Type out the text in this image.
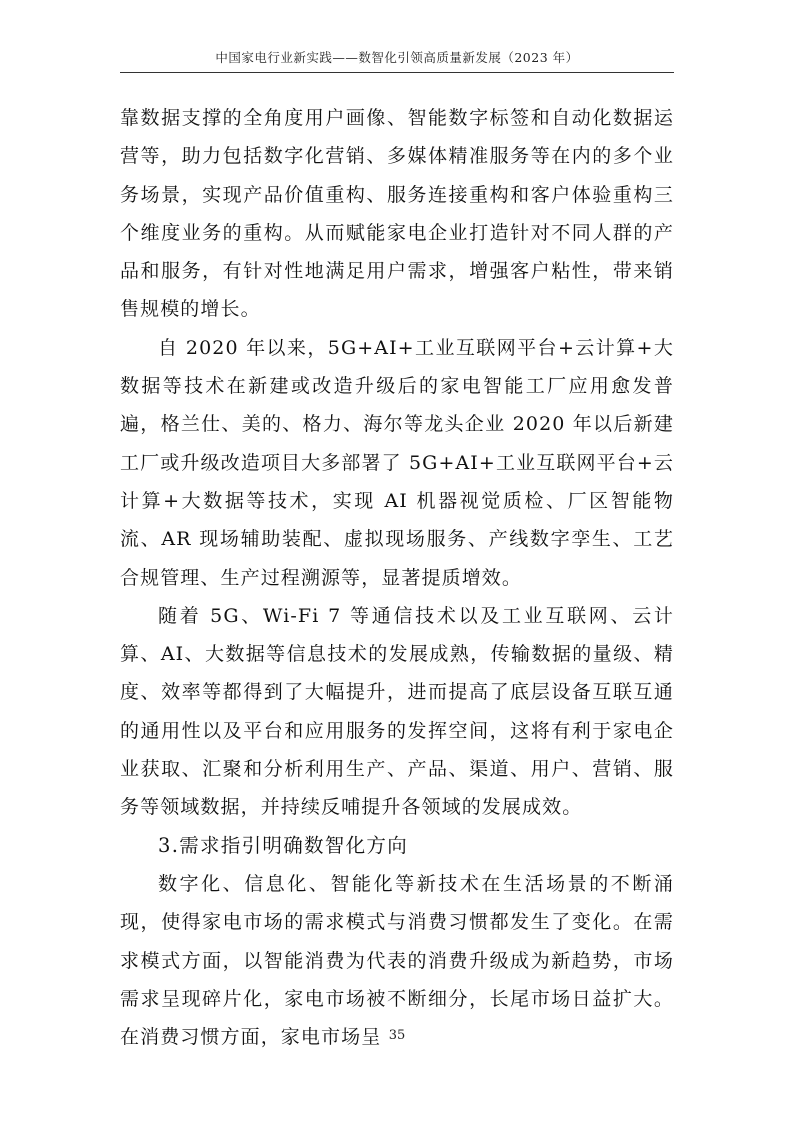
中国家电行业新实践——数智化引领高质量新发展（2023 年）

靠数据支撑的全角度用户画像、智能数字标签和自动化数据运营等，助力包括数字化营销、多媒体精准服务等在内的多个业务场景，实现产品价值重构、服务连接重构和客户体验重构三个维度业务的重构。从而赋能家电企业打造针对不同人群的产品和服务，有针对性地满足用户需求，增强客户粘性，带来销售规模的增长。

自 2020 年以来，5G+AI+工业互联网平台+云计算+大数据等技术在新建或改造升级后的家电智能工厂应用愈发普遍，格兰仕、美的、格力、海尔等龙头企业 2020 年以后新建工厂或升级改造项目大多部署了 5G+AI+工业互联网平台+云计算+大数据等技术，实现 AI 机器视觉质检、厂区智能物流、AR 现场辅助装配、虚拟现场服务、产线数字孪生、工艺合规管理、生产过程溯源等，显著提质增效。

随着 5G、Wi-Fi 7 等通信技术以及工业互联网、云计算、AI、大数据等信息技术的发展成熟，传输数据的量级、精度、效率等都得到了大幅提升，进而提高了底层设备互联互通的通用性以及平台和应用服务的发挥空间，这将有利于家电企业获取、汇聚和分析利用生产、产品、渠道、用户、营销、服务等领域数据，并持续反哺提升各领域的发展成效。

3.需求指引明确数智化方向

数字化、信息化、智能化等新技术在生活场景的不断涌现，使得家电市场的需求模式与消费习惯都发生了变化。在需求模式方面，以智能消费为代表的消费升级成为新趋势，市场需求呈现碎片化，家电市场被不断细分，长尾市场日益扩大。在消费习惯方面，家电市场呈 35
